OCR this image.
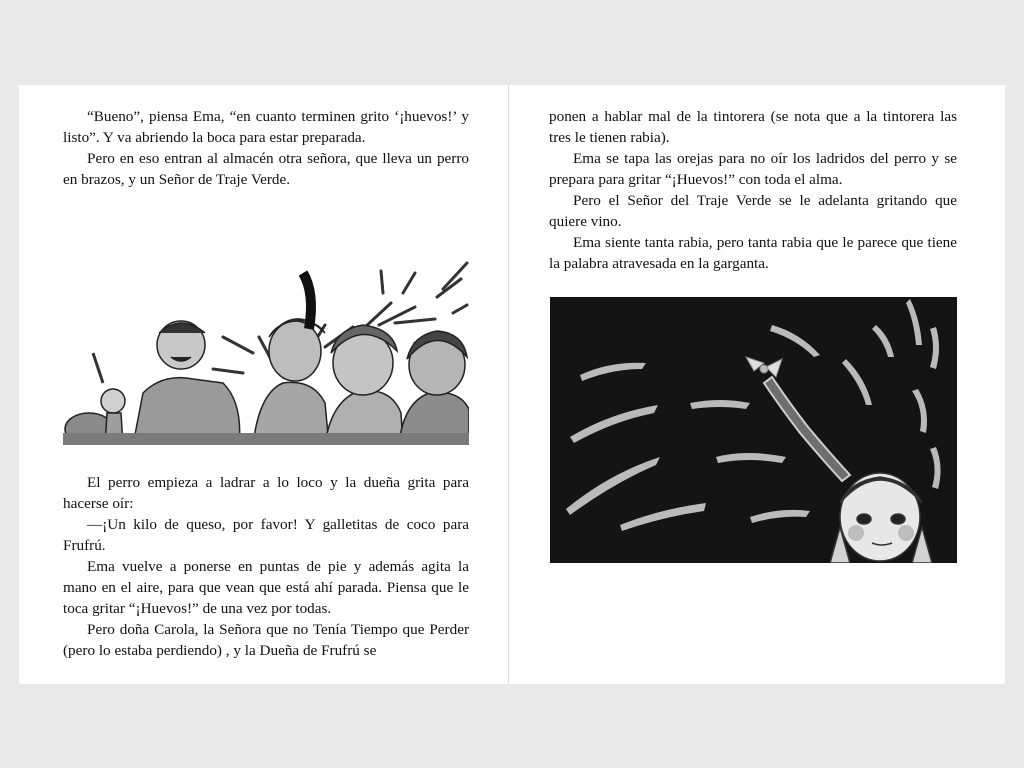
“Bueno”, piensa Ema, “en cuanto terminen grito ‘¡huevos!’ y listo”. Y va abriendo la boca para estar preparada.

Pero en eso entran al almacén otra señora, que lleva un perro en brazos, y un Señor de Traje Verde.

El perro empieza a ladrar a lo loco y la dueña grita para hacerse oír:

—¡Un kilo de queso, por favor! Y galletitas de coco para Frufrú.

Ema vuelve a ponerse en puntas de pie y además agita la mano en el aire, para que vean que está ahí parada. Piensa que le toca gritar “¡Huevos!” de una vez por todas.

Pero doña Carola, la Señora que no Tenía Tiempo que Perder (pero lo estaba perdiendo) , y la Dueña de Frufrú se

ponen a hablar mal de la tintorera (se nota que a la tintorera las tres le tienen rabia).

Ema se tapa las orejas para no oír los ladridos del perro y se prepara para gritar “¡Huevos!” con toda el alma.

Pero el Señor del Traje Verde se le adelanta gritando que quiere vino.

Ema siente tanta rabia, pero tanta rabia que le parece que tiene la palabra atravesada en la garganta.
